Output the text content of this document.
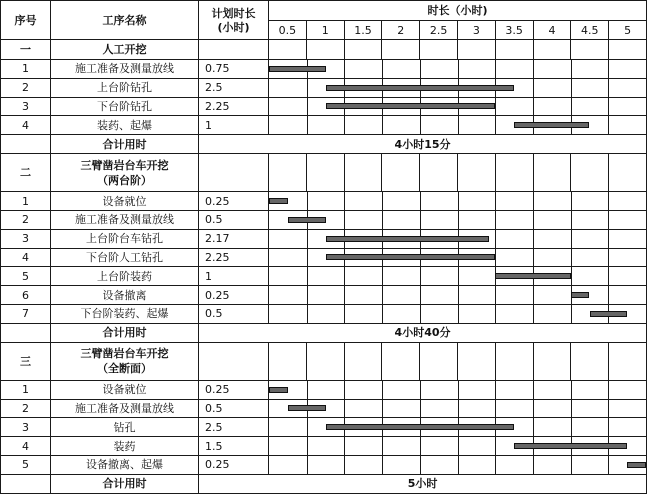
序号	工序名称	计划时长
(小时)	时长（小时)									
			0.5	1	1.5	2	2.5	3	3.5	4	4.5	5
一	人工开挖											

1	施工准备及测量放线	0.75										

2	上台阶钻孔	2.5										

3	下台阶钻孔	2.25										

4	装药、起爆	1										

	合计用时	4小时15分										
二	三臂凿岩台车开挖
（两台阶）											

1	设备就位	0.25										

2	施工准备及测量放线	0.5										

3	上台阶台车钻孔	2.17										

4	下台阶人工钻孔	2.25										

5	上台阶装药	1										

6	设备撤离	0.25										

7	下台阶装药、起爆	0.5										

	合计用时	4小时40分										
三	三臂凿岩台车开挖
（全断面）											

1	设备就位	0.25										

2	施工准备及测量放线	0.5										

3	钻孔	2.5										

4	装药	1.5										

5	设备撤离、起爆	0.25										

	合计用时	5小时										
